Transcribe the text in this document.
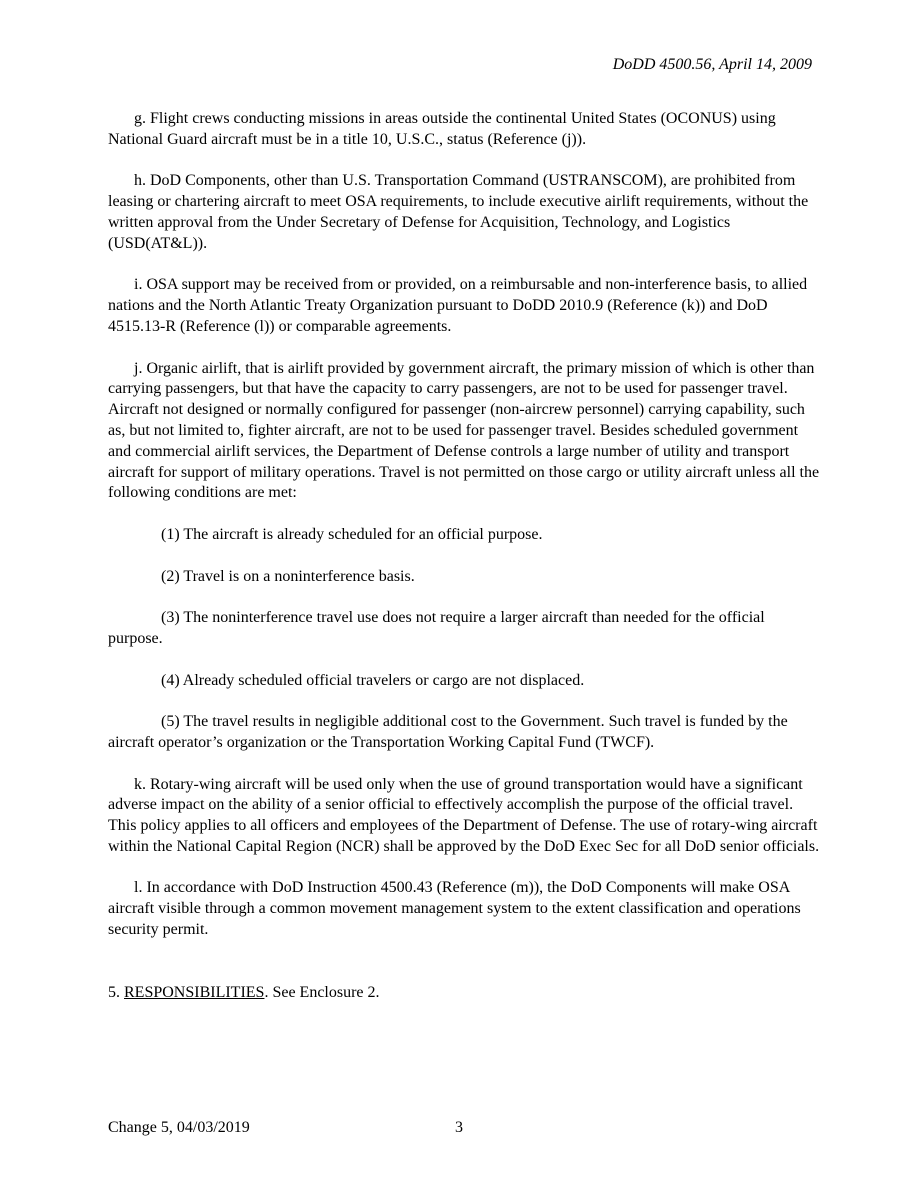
DoDD 4500.56, April 14, 2009

g. Flight crews conducting missions in areas outside the continental United States (OCONUS) using National Guard aircraft must be in a title 10, U.S.C., status (Reference (j)).

h. DoD Components, other than U.S. Transportation Command (USTRANSCOM), are prohibited from leasing or chartering aircraft to meet OSA requirements, to include executive airlift requirements, without the written approval from the Under Secretary of Defense for Acquisition, Technology, and Logistics (USD(AT&L)).

i. OSA support may be received from or provided, on a reimbursable and non-interference basis, to allied nations and the North Atlantic Treaty Organization pursuant to DoDD 2010.9 (Reference (k)) and DoD 4515.13-R (Reference (l)) or comparable agreements.

j. Organic airlift, that is airlift provided by government aircraft, the primary mission of which is other than carrying passengers, but that have the capacity to carry passengers, are not to be used for passenger travel. Aircraft not designed or normally configured for passenger (non-aircrew personnel) carrying capability, such as, but not limited to, fighter aircraft, are not to be used for passenger travel. Besides scheduled government and commercial airlift services, the Department of Defense controls a large number of utility and transport aircraft for support of military operations. Travel is not permitted on those cargo or utility aircraft unless all the following conditions are met:

(1) The aircraft is already scheduled for an official purpose.

(2) Travel is on a noninterference basis.

(3) The noninterference travel use does not require a larger aircraft than needed for the official purpose.

(4) Already scheduled official travelers or cargo are not displaced.

(5) The travel results in negligible additional cost to the Government. Such travel is funded by the aircraft operator’s organization or the Transportation Working Capital Fund (TWCF).

k. Rotary-wing aircraft will be used only when the use of ground transportation would have a significant adverse impact on the ability of a senior official to effectively accomplish the purpose of the official travel. This policy applies to all officers and employees of the Department of Defense. The use of rotary-wing aircraft within the National Capital Region (NCR) shall be approved by the DoD Exec Sec for all DoD senior officials.

l. In accordance with DoD Instruction 4500.43 (Reference (m)), the DoD Components will make OSA aircraft visible through a common movement management system to the extent classification and operations security permit.

5. RESPONSIBILITIES. See Enclosure 2.

Change 5, 04/03/2019	3
